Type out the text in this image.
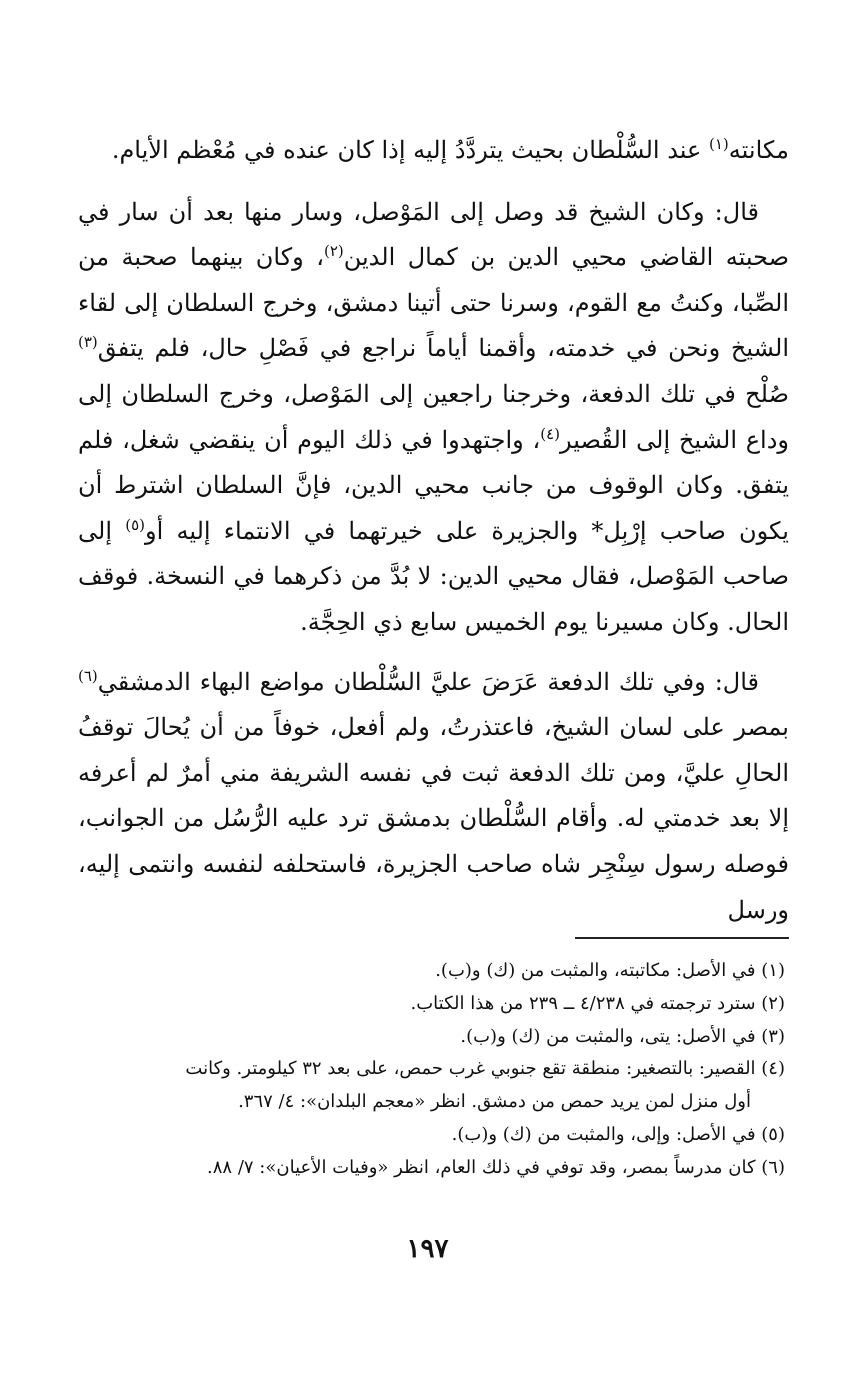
مكانته$^{(١)}$ عند السُّلْطان بحيث يتردَّدُ إليه إذا كان عنده في مُعْظم الأيام.

قال: وكان الشيخ قد وصل إلى المَوْصل، وسار منها بعد أن سار في صحبته القاضي محيي الدين بن كمال الدين$^{(٢)}$، وكان بينهما صحبة من الصِّبا، وكنتُ مع القوم، وسرنا حتى أتينا دمشق، وخرج السلطان إلى لقاء الشيخ ونحن في خدمته، وأقمنا أياماً نراجع في فَصْلِ حال، فلم يتفق$^{(٣)}$ صُلْح في تلك الدفعة، وخرجنا راجعين إلى المَوْصل، وخرج السلطان إلى وداع الشيخ إلى القُصير$^{(٤)}$، واجتهدوا في ذلك اليوم أن ينقضي شغل، فلم يتفق. وكان الوقوف من جانب محيي الدين، فإنَّ السلطان اشترط أن يكون صاحب إرْبِل* والجزيرة على خيرتهما في الانتماء إليه أو$^{(٥)}$ إلى صاحب المَوْصل، فقال محيي الدين: لا بُدَّ من ذكرهما في النسخة. فوقف الحال. وكان مسيرنا يوم الخميس سابع ذي الحِجَّة.

قال: وفي تلك الدفعة عَرَضَ عليَّ السُّلْطان مواضع البهاء الدمشقي$^{(٦)}$ بمصر على لسان الشيخ، فاعتذرتُ، ولم أفعل، خوفاً من أن يُحالَ توقفُ الحالِ عليَّ، ومن تلك الدفعة ثبت في نفسه الشريفة مني أمرٌ لم أعرفه إلا بعد خدمتي له. وأقام السُّلْطان بدمشق ترد عليه الرُّسُل من الجوانب، فوصله رسول سِنْجِر شاه صاحب الجزيرة، فاستحلفه لنفسه وانتمى إليه، ورسل

(١) في الأصل: مكاتبته، والمثبت من (ك) و(ب).

(٢) سترد ترجمته في ٤/٢٣٨ ــ ٢٣٩ من هذا الكتاب.

(٣) في الأصل: يتى، والمثبت من (ك) و(ب).

(٤) القصير: بالتصغير: منطقة تقع جنوبي غرب حمص، على بعد ٣٢ كيلومتر. وكانت

أول منزل لمن يريد حمص من دمشق. انظر «معجم البلدان»: ٤/ ٣٦٧.

(٥) في الأصل: وإلى، والمثبت من (ك) و(ب).

(٦) كان مدرساً بمصر، وقد توفي في ذلك العام، انظر «وفيات الأعيان»: ٧/ ٨٨.

١٩٧
